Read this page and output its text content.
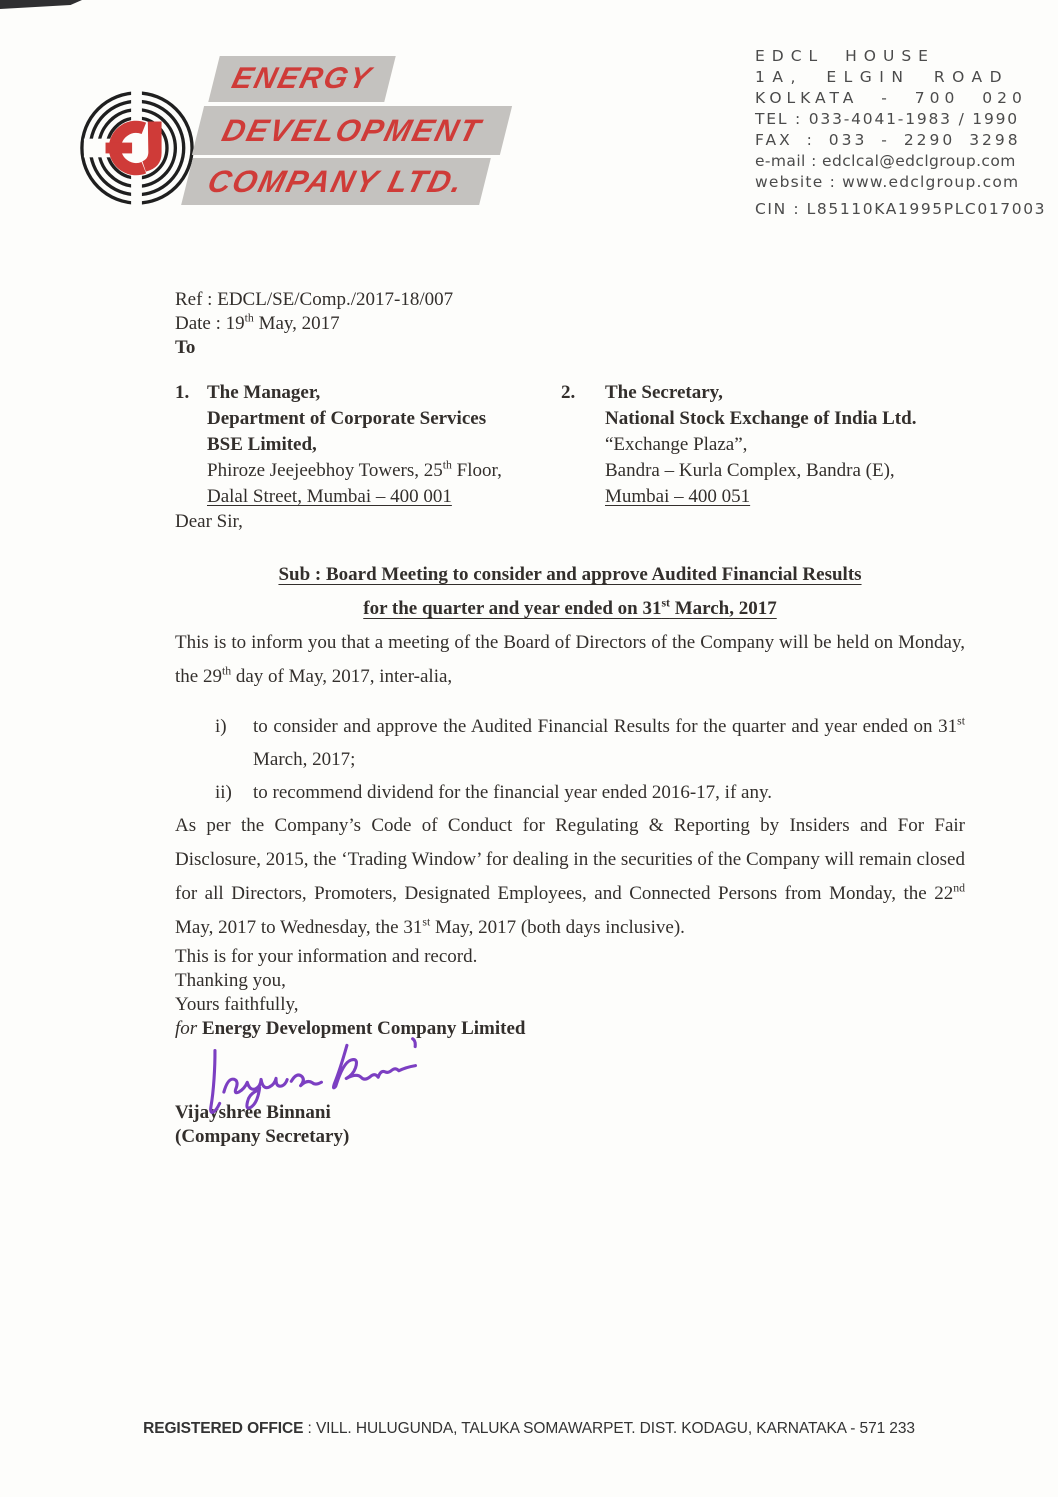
ENERGY
DEVELOPMENT
COMPANY LTD.
EDCL HOUSE
1A, ELGIN ROAD
KOLKATA - 700 020
TEL : 033-4041-1983 / 1990
FAX : 033 - 2290 3298
e-mail : edclcal@edclgroup.com
website : www.edclgroup.com
CIN : L85110KA1995PLC017003

Ref : EDCL/SE/Comp./2017-18/007

Date : 19th May, 2017

To

1. The Manager,
Department of Corporate Services
BSE Limited,
Phiroze Jeejeebhoy Towers, 25th Floor,
Dalal Street, Mumbai – 400 001
2.	The Secretary,
National Stock Exchange of India Ltd.
“Exchange Plaza”,
Bandra – Kurla Complex, Bandra (E),
Mumbai – 400 051

Dear Sir,

Sub : Board Meeting to consider and approve Audited Financial Results
for the quarter and year ended on 31st March, 2017

This is to inform you that a meeting of the Board of Directors of the Company will be held on Monday, the 29th day of May, 2017, inter-alia,

i)	to consider and approve the Audited Financial Results for the quarter and year ended on 31st March, 2017;
ii)	to recommend dividend for the financial year ended 2016-17, if any.

As per the Company’s Code of Conduct for Regulating & Reporting by Insiders and For Fair Disclosure, 2015, the ‘Trading Window’ for dealing in the securities of the Company will remain closed for all Directors, Promoters, Designated Employees, and Connected Persons from Monday, the 22nd May, 2017 to Wednesday, the 31st May, 2017 (both days inclusive).

This is for your information and record.

Thanking you,

Yours faithfully,

for Energy Development Company Limited

Vijayshree Binnani

(Company Secretary)

REGISTERED OFFICE : VILL. HULUGUNDA, TALUKA SOMAWARPET. DIST. KODAGU, KARNATAKA - 571 233
